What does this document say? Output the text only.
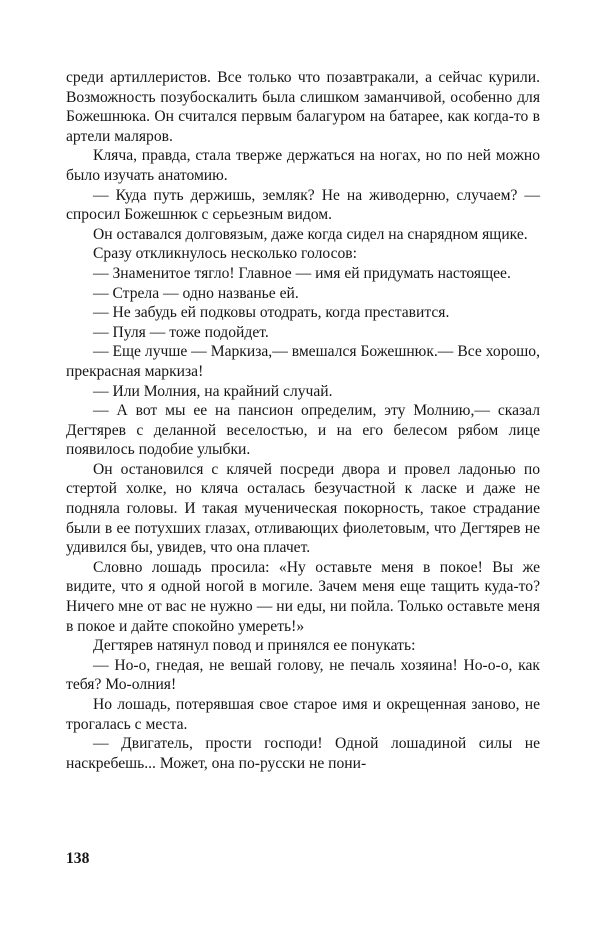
среди артиллеристов. Все только что позавтракали, а сейчас курили. Возможность позубоскалить была слишком заманчивой, особенно для Божешнюка. Он считался первым балагуром на батарее, как когда-то в артели маляров.

Кляча, правда, стала тверже держаться на ногах, но по ней можно было изучать анатомию.

— Куда путь держишь, земляк? Не на живодерню, случаем? — спросил Божешнюк с серьезным видом.

Он оставался долговязым, даже когда сидел на снарядном ящике.

Сразу откликнулось несколько голосов:

— Знаменитое тягло! Главное — имя ей придумать настоящее.

— Стрела — одно названье ей.

— Не забудь ей подковы отодрать, когда преставится.

— Пуля — тоже подойдет.

— Еще лучше — Маркиза,— вмешался Божешнюк.— Все хорошо, прекрасная маркиза!

— Или Молния, на крайний случай.

— А вот мы ее на пансион определим, эту Молнию,— сказал Дегтярев с деланной веселостью, и на его белесом рябом лице появилось подобие улыбки.

Он остановился с клячей посреди двора и провел ладонью по стертой холке, но кляча осталась безучастной к ласке и даже не подняла головы. И такая мученическая покорность, такое страдание были в ее потухших глазах, отливающих фиолетовым, что Дегтярев не удивился бы, увидев, что она плачет.

Словно лошадь просила: «Ну оставьте меня в покое! Вы же видите, что я одной ногой в могиле. Зачем меня еще тащить куда-то? Ничего мне от вас не нужно — ни еды, ни пойла. Только оставьте меня в покое и дайте спокойно умереть!»

Дегтярев натянул повод и принялся ее понукать:

— Но-о, гнедая, не вешай голову, не печаль хозяина! Но-о-о, как тебя? Мо-олния!

Но лошадь, потерявшая свое старое имя и окрещенная заново, не трогалась с места.

— Двигатель, прости господи! Одной лошадиной силы не наскребешь... Может, она по-русски не пони-

138
